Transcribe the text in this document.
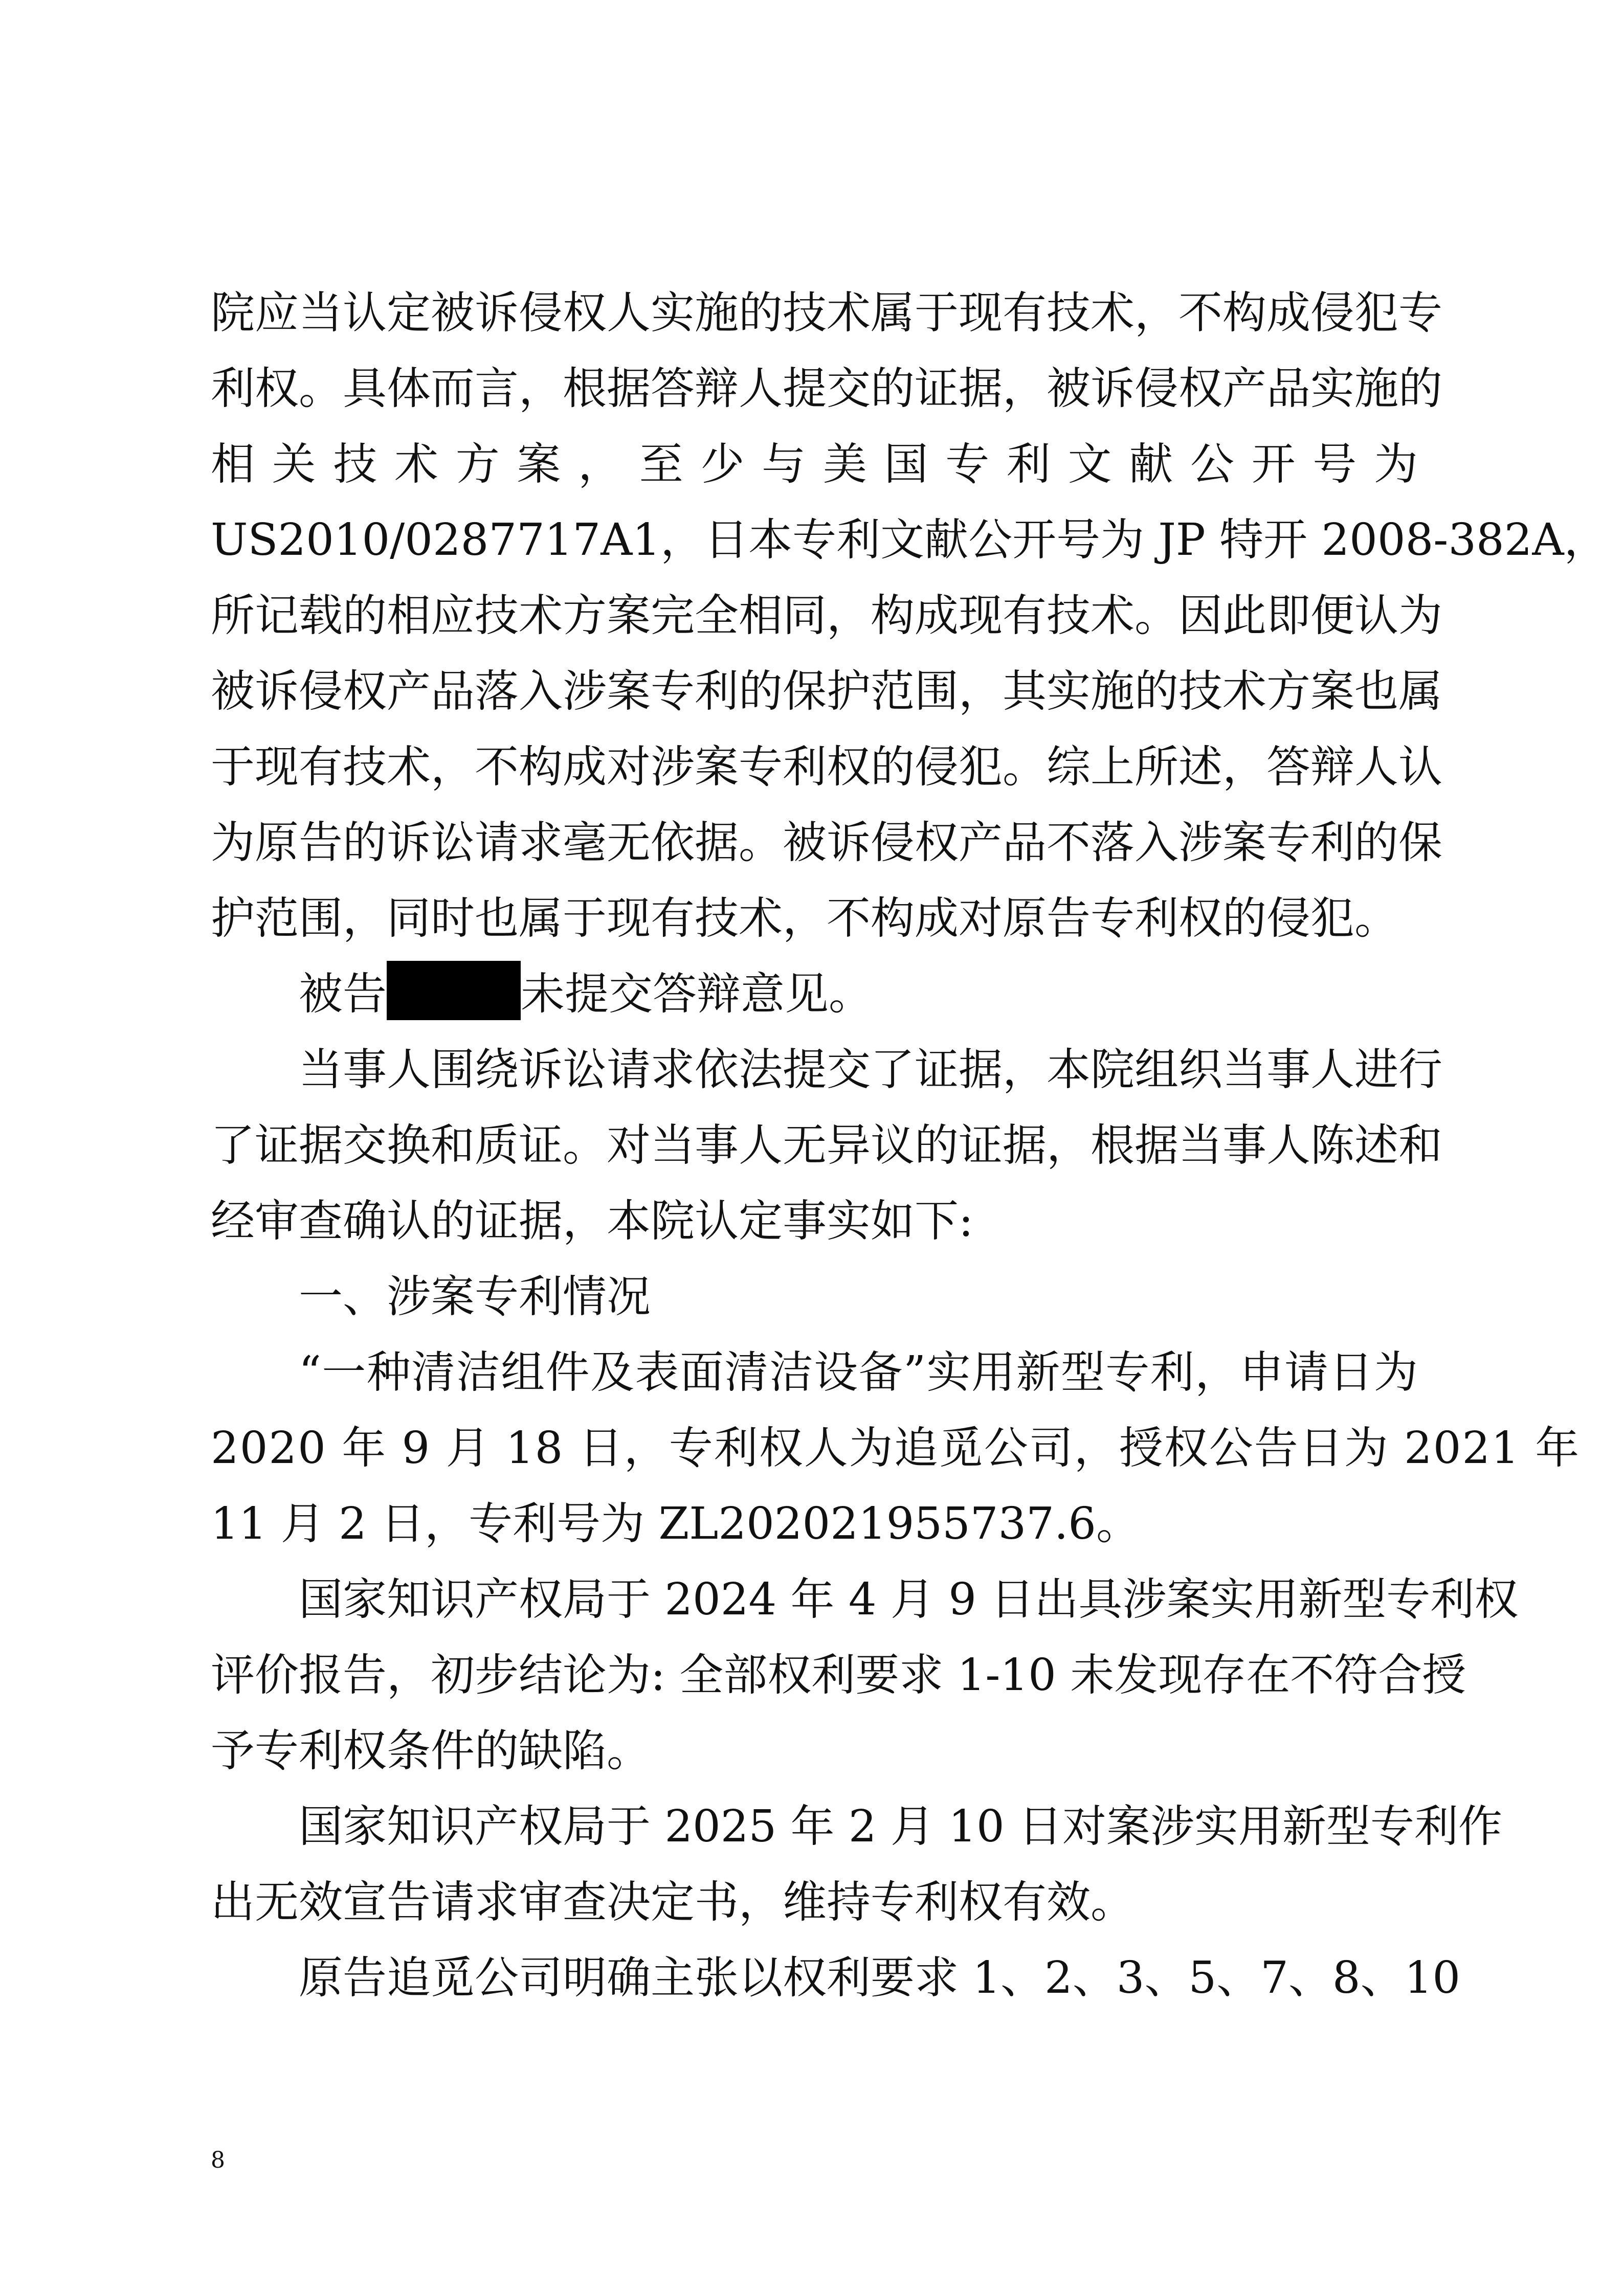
院应当认定被诉侵权人实施的技术属于现有技术，不构成侵犯专
利权。具体而言，根据答辩人提交的证据，被诉侵权产品实施的
相 关 技 术 方 案 ， 至 少 与 美 国 专 利 文 献 公 开 号 为
US2010/0287717A1，日本专利文献公开号为 JP 特开 2008-382A，
所记载的相应技术方案完全相同，构成现有技术。因此即便认为
被诉侵权产品落入涉案专利的保护范围，其实施的技术方案也属
于现有技术，不构成对涉案专利权的侵犯。综上所述，答辩人认
为原告的诉讼请求毫无依据。被诉侵权产品不落入涉案专利的保
护范围，同时也属于现有技术，不构成对原告专利权的侵犯。
被告	未提交答辩意见。
当事人围绕诉讼请求依法提交了证据，本院组织当事人进行
了证据交换和质证。对当事人无异议的证据，根据当事人陈述和
经审查确认的证据，本院认定事实如下:
一、涉案专利情况
“一种清洁组件及表面清洁设备”实用新型专利，申请日为
2020 年 9 月 18 日，专利权人为追觅公司，授权公告日为 2021 年
11 月 2 日，专利号为 ZL202021955737.6。
国家知识产权局于 2024 年 4 月 9 日出具涉案实用新型专利权
评价报告，初步结论为: 全部权利要求 1-10 未发现存在不符合授
予专利权条件的缺陷。
国家知识产权局于 2025 年 2 月 10 日对案涉实用新型专利作
出无效宣告请求审查决定书，维持专利权有效。
原告追觅公司明确主张以权利要求 1、2、3、5、7、8、10
8
